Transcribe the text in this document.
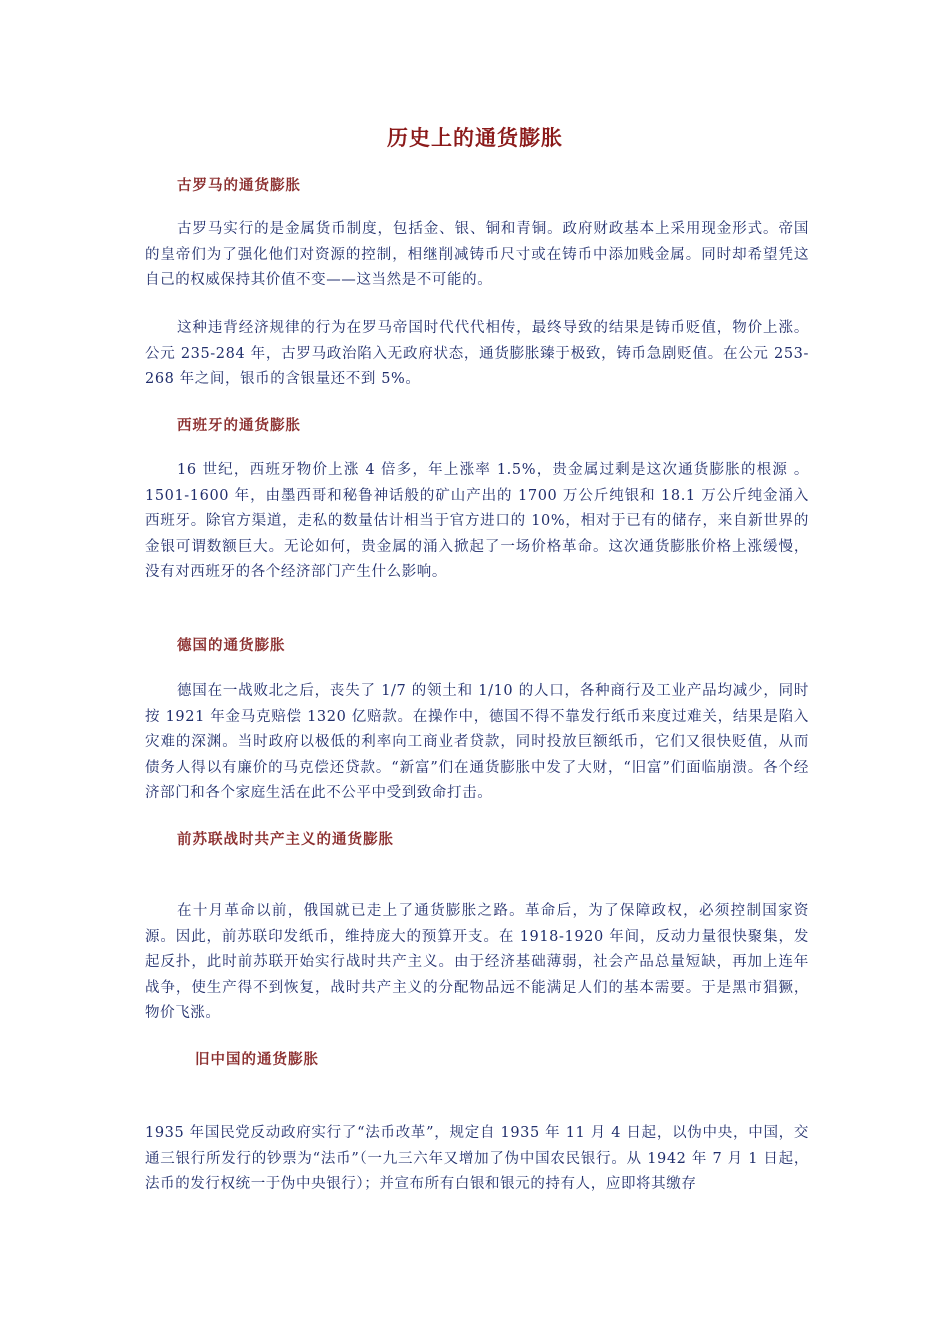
历史上的通货膨胀
古罗马的通货膨胀

古罗马实行的是金属货币制度，包括金、银、铜和青铜。政府财政基本上采用现金形式。帝国的皇帝们为了强化他们对资源的控制，相继削减铸币尺寸或在铸币中添加贱金属。同时却希望凭这自己的权威保持其价值不变——这当然是不可能的。

这种违背经济规律的行为在罗马帝国时代代代相传，最终导致的结果是铸币贬值，物价上涨。公元 235-284 年，古罗马政治陷入无政府状态，通货膨胀臻于极致，铸币急剧贬值。在公元 253-268 年之间，银币的含银量还不到 5%。

西班牙的通货膨胀

16 世纪，西班牙物价上涨 4 倍多，年上涨率 1.5%，贵金属过剩是这次通货膨胀的根源 。1501-1600 年，由墨西哥和秘鲁神话般的矿山产出的 1700 万公斤纯银和 18.1 万公斤纯金涌入西班牙。除官方渠道，走私的数量估计相当于官方进口的 10%，相对于已有的储存，来自新世界的金银可谓数额巨大。无论如何，贵金属的涌入掀起了一场价格革命。这次通货膨胀价格上涨缓慢，没有对西班牙的各个经济部门产生什么影响。

德国的通货膨胀

德国在一战败北之后，丧失了 1/7 的领土和 1/10 的人口，各种商行及工业产品均减少，同时按 1921 年金马克赔偿 1320 亿赔款。在操作中，德国不得不靠发行纸币来度过难关，结果是陷入灾难的深渊。当时政府以极低的利率向工商业者贷款，同时投放巨额纸币，它们又很快贬值，从而债务人得以有廉价的马克偿还贷款。“新富”们在通货膨胀中发了大财，“旧富”们面临崩溃。各个经济部门和各个家庭生活在此不公平中受到致命打击。

前苏联战时共产主义的通货膨胀

在十月革命以前，俄国就已走上了通货膨胀之路。革命后，为了保障政权，必须控制国家资源。因此，前苏联印发纸币，维持庞大的预算开支。在 1918-1920 年间，反动力量很快聚集，发起反扑，此时前苏联开始实行战时共产主义。由于经济基础薄弱，社会产品总量短缺，再加上连年战争，使生产得不到恢复，战时共产主义的分配物品远不能满足人们的基本需要。于是黑市猖獗，物价飞涨。

旧中国的通货膨胀

1935 年国民党反动政府实行了“法币改革”，规定自 1935 年 11 月 4 日起，以伪中央，中国，交通三银行所发行的钞票为“法币”（一九三六年又增加了伪中国农民银行。从 1942 年 7 月 1 日起，法币的发行权统一于伪中央银行）；并宣布所有白银和银元的持有人，应即将其缴存
